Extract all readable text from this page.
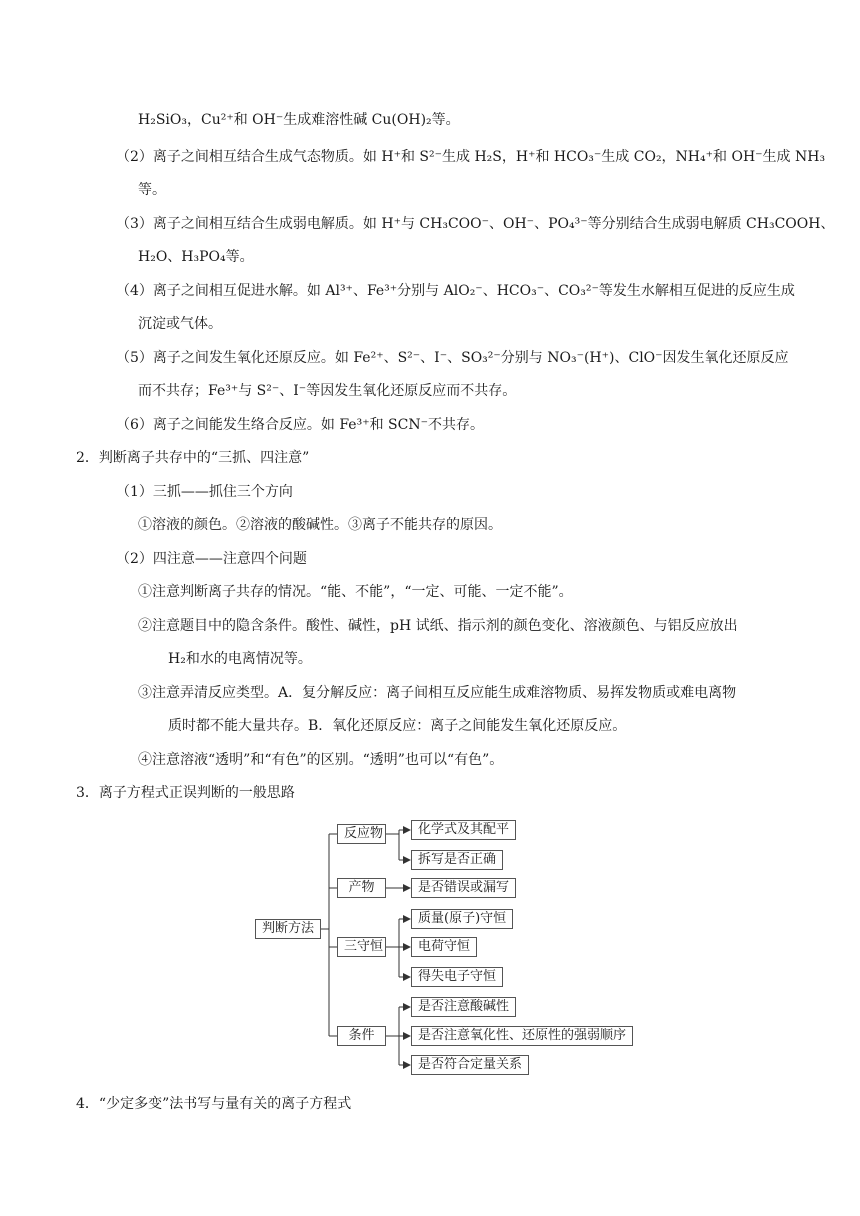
H₂SiO₃，Cu²⁺和 OH⁻生成难溶性碱 Cu(OH)₂等。
（2）离子之间相互结合生成气态物质。如 H⁺和 S²⁻生成 H₂S，H⁺和 HCO₃⁻生成 CO₂，NH₄⁺和 OH⁻生成 NH₃
等。
（3）离子之间相互结合生成弱电解质。如 H⁺与 CH₃COO⁻、OH⁻、PO₄³⁻等分别结合生成弱电解质 CH₃COOH、
H₂O、H₃PO₄等。
（4）离子之间相互促进水解。如 Al³⁺、Fe³⁺分别与 AlO₂⁻、HCO₃⁻、CO₃²⁻等发生水解相互促进的反应生成
沉淀或气体。
（5）离子之间发生氧化还原反应。如 Fe²⁺、S²⁻、I⁻、SO₃²⁻分别与 NO₃⁻(H⁺)、ClO⁻因发生氧化还原反应
而不共存；Fe³⁺与 S²⁻、I⁻等因发生氧化还原反应而不共存。
（6）离子之间能发生络合反应。如 Fe³⁺和 SCN⁻不共存。
2．判断离子共存中的“三抓、四注意”
（1）三抓——抓住三个方向
①溶液的颜色。②溶液的酸碱性。③离子不能共存的原因。
（2）四注意——注意四个问题
①注意判断离子共存的情况。“能、不能”，“一定、可能、一定不能”。
②注意题目中的隐含条件。酸性、碱性，pH 试纸、指示剂的颜色变化、溶液颜色、与铝反应放出
H₂和水的电离情况等。
③注意弄清反应类型。A．复分解反应：离子间相互反应能生成难溶物质、易挥发物质或难电离物
质时都不能大量共存。B．氧化还原反应：离子之间能发生氧化还原反应。
④注意溶液“透明”和“有色”的区别。“透明”也可以“有色”。
3．离子方程式正误判断的一般思路
4．“少定多变”法书写与量有关的离子方程式
判断方法
反应物
产物
三守恒
条件
化学式及其配平
拆写是否正确
是否错误或漏写
质量(原子)守恒
电荷守恒
得失电子守恒
是否注意酸碱性
是否注意氧化性、还原性的强弱顺序
是否符合定量关系
